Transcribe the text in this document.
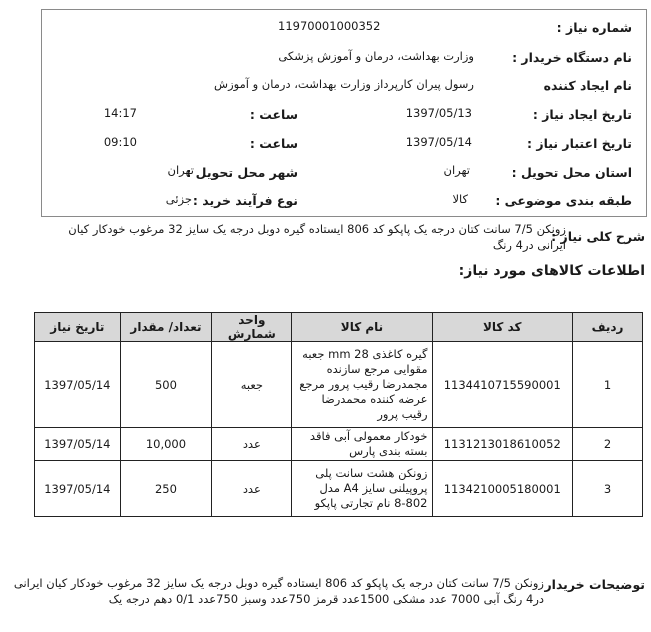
شماره نیاز :
1197000100035​2
نام دستگاه خریدار :
وزارت بهداشت، درمان و آموزش پزشکی
نام ایجاد کننده
رسول پیران کارپرداز وزارت بهداشت، درمان و آموزش
تاریخ ایجاد نیاز :
1397/05/13
ساعت :
14:17
تاریخ اعتبار نیاز :
1397/05/14
ساعت :
09:10
استان محل تحویل :
تهران
شهر محل تحویل :
تهران
طبقه بندی موضوعی :
کالا
نوع فرآیند خرید :
جزئی
شرح کلی نیاز :
زونکن 7/5 سانت کتان درجه یک پاپکو کد 806 ایستاده گیره دوبل درجه یک سایز 32 مرغوب خودکار کیان ایرانی در4 رنگ
اطلاعات کالاهای مورد نیاز:
ردیف	کد کالا	نام کالا	واحد شمارش	تعداد/ مقدار	تاریخ نیاز
1	1134410715590001	گیره کاغذی mm 28 جعبه مقوایی مرجع سازنده مجمدرضا رقیب پرور مرجع عرضه کننده محمدرضا رقیب پرور	جعبه	500	1397/05/14
2	1131213018610052	خودکار معمولی آبی فاقد بسته بندی پارس	عدد	10,000	1397/05/14
3	1134210005180001	زونکن هشت سانت پلی پروپیلنی سایز A4 مدل 802-8 نام تجارتی پاپکو	عدد	250	1397/05/14
توضیحات خریدار
زونکن 7/5 سانت کتان درجه یک پاپکو کد 806 ایستاده گیره دوبل درجه یک سایز 32 مرغوب خودکار کیان ایرانی در4 رنگ آبی 7000 عدد مشکی 1500عدد قرمز 750عدد وسبز 750عدد 0/1 دهم درجه یک
